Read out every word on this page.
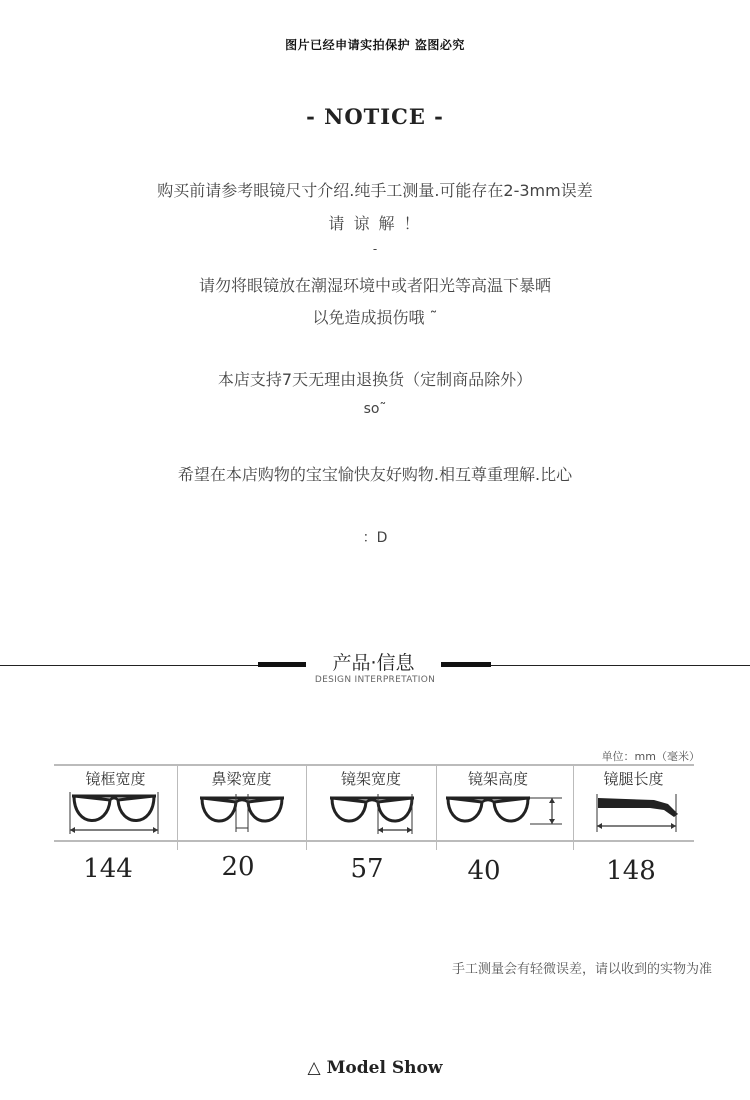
图片已经申请实拍保护 盗图必究
- NOTICE -
购买前请参考眼镜尺寸介绍.纯手工测量.可能存在2-3mm误差
请 谅 解 ！
-
请勿将眼镜放在潮湿环境中或者阳光等高温下暴晒
以免造成损伤哦 ˜
本店支持7天无理由退换货（定制商品除外）
so˜
希望在本店购物的宝宝愉快友好购物.相互尊重理解.比心
：D
产品·信息
DESIGN INTERPRETATION
单位：mm（毫米）
镜框宽度
144
鼻梁宽度
20
镜架宽度
57
镜架高度
40
镜腿长度
148
手工测量会有轻微误差，请以收到的实物为准
△ Model Show
